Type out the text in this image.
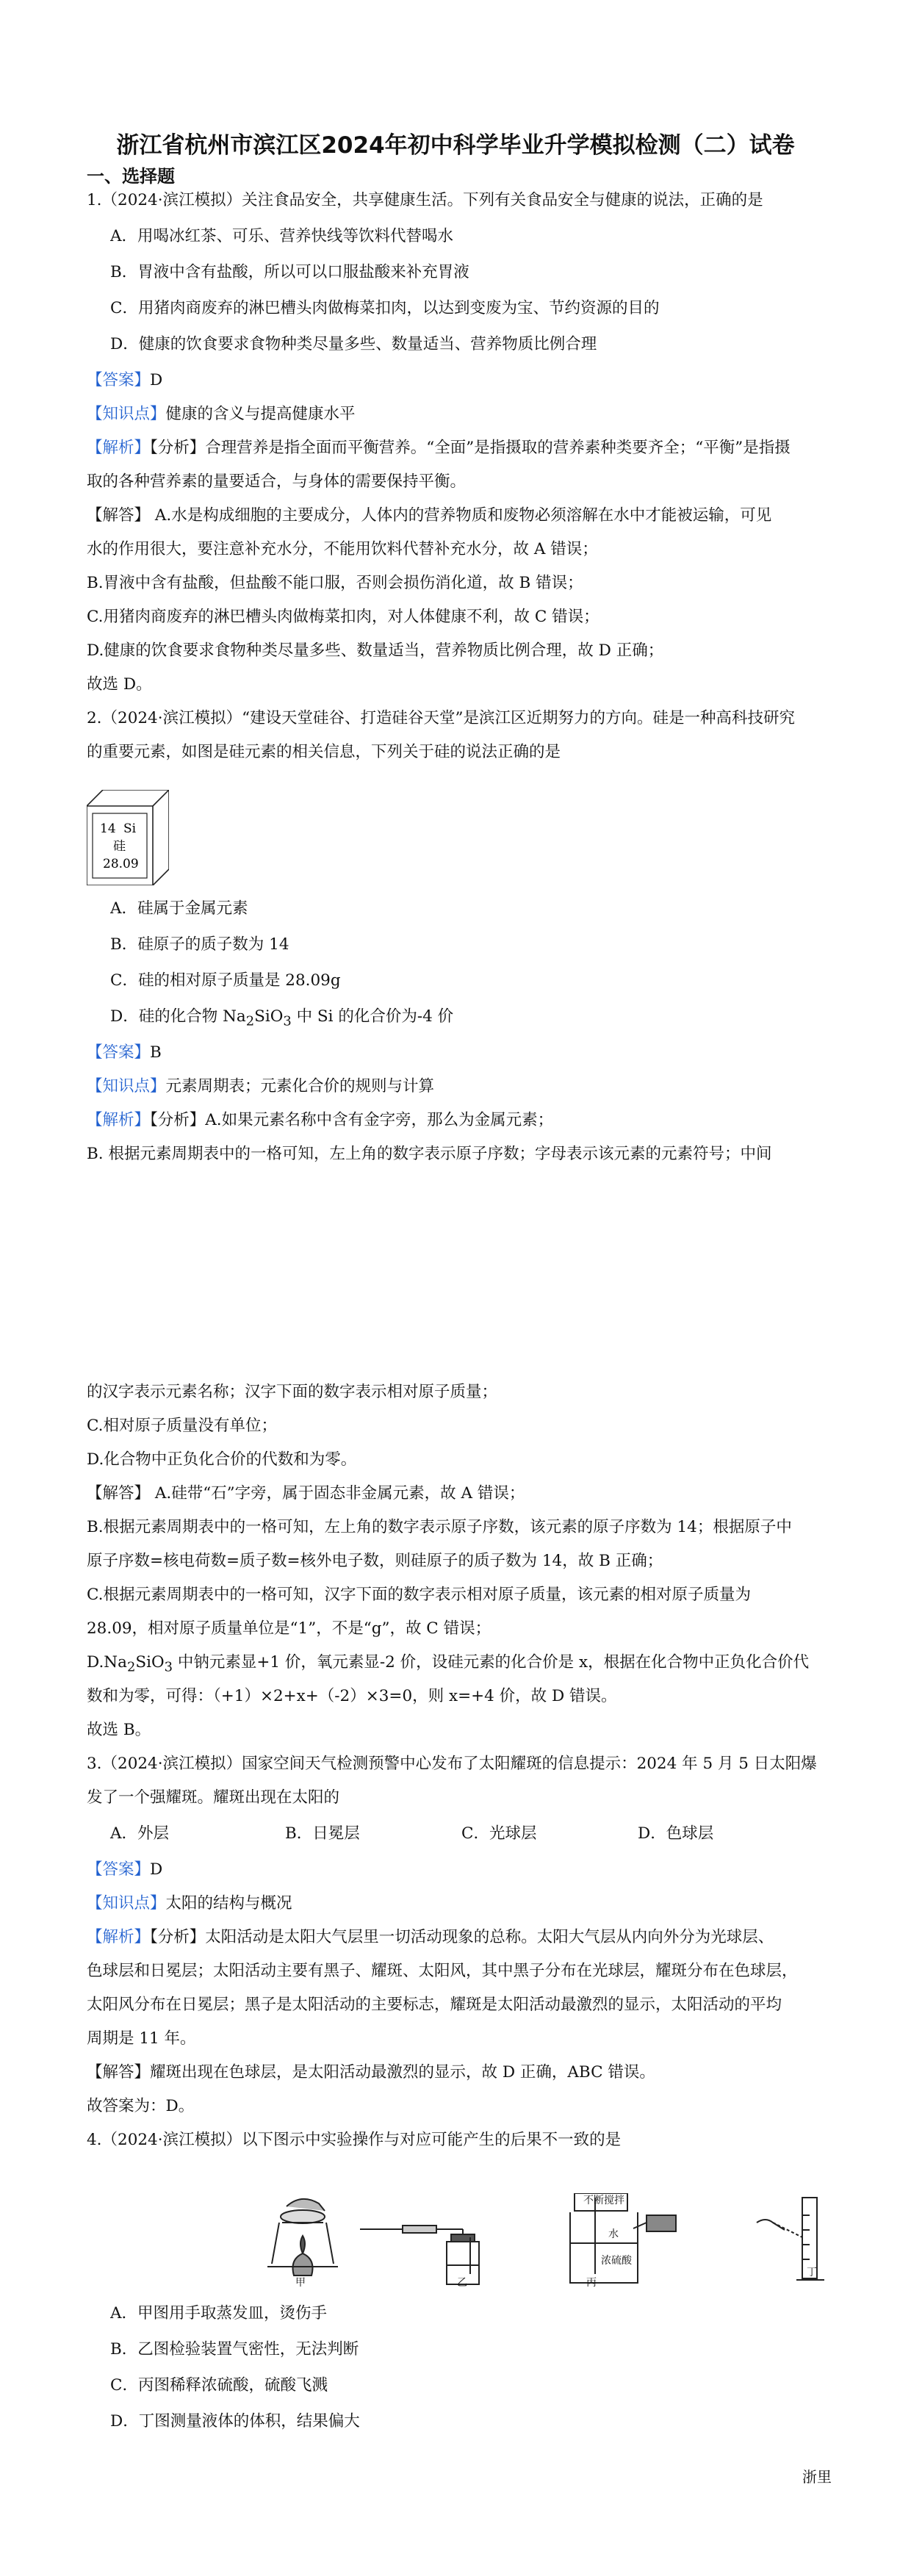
浙江省杭州市滨江区2024年初中科学毕业升学模拟检测（二）试卷
一、选择题
1.（2024·滨江模拟）关注食品安全，共享健康生活。下列有关食品安全与健康的说法，正确的是
A．用喝冰红茶、可乐、营养快线等饮料代替喝水
B．胃液中含有盐酸，所以可以口服盐酸来补充胃液
C．用猪肉商废弃的淋巴槽头肉做梅菜扣肉，以达到变废为宝、节约资源的目的
D．健康的饮食要求食物种类尽量多些、数量适当、营养物质比例合理
【答案】D
【知识点】健康的含义与提高健康水平
【解析】【分析】合理营养是指全面而平衡营养。“全面”是指摄取的营养素种类要齐全；“平衡”是指摄
取的各种营养素的量要适合，与身体的需要保持平衡。
【解答】 A.水是构成细胞的主要成分，人体内的营养物质和废物必须溶解在水中才能被运输，可见
水的作用很大，要注意补充水分，不能用饮料代替补充水分，故 A 错误；
B.胃液中含有盐酸，但盐酸不能口服，否则会损伤消化道，故 B 错误；
C.用猪肉商废弃的淋巴槽头肉做梅菜扣肉，对人体健康不利，故 C 错误；
D.健康的饮食要求食物种类尽量多些、数量适当，营养物质比例合理，故 D 正确；
故选 D。
2.（2024·滨江模拟）“建设天堂硅谷、打造硅谷天堂”是滨江区近期努力的方向。硅是一种高科技研究
的重要元素，如图是硅元素的相关信息，下列关于硅的说法正确的是
14 Si
硅
28.09
A．硅属于金属元素
B．硅原子的质子数为 14
C．硅的相对原子质量是 28.09g
D．硅的化合物 $Na_2SiO_3$ 中 Si 的化合价为-4 价
【答案】B
【知识点】元素周期表；元素化合价的规则与计算
【解析】【分析】A.如果元素名称中含有金字旁，那么为金属元素；
B. 根据元素周期表中的一格可知，左上角的数字表示原子序数；字母表示该元素的元素符号；中间
的汉字表示元素名称；汉字下面的数字表示相对原子质量；
C.相对原子质量没有单位；
D.化合物中正负化合价的代数和为零。
【解答】 A.硅带“石”字旁，属于固态非金属元素，故 A 错误；
B.根据元素周期表中的一格可知，左上角的数字表示原子序数，该元素的原子序数为 14；根据原子中
原子序数=核电荷数=质子数=核外电子数，则硅原子的质子数为 14，故 B 正确；
C.根据元素周期表中的一格可知，汉字下面的数字表示相对原子质量，该元素的相对原子质量为
28.09，相对原子质量单位是“1”，不是“g”，故 C 错误；
$D.Na_2SiO_3$ 中钠元素显+1 价，氧元素显-2 价，设硅元素的化合价是 x，根据在化合物中正负化合价代
数和为零，可得：（+1）×2+x+（-2）×3=0，则 x=+4 价，故 D 错误。
故选 B。
3.（2024·滨江模拟）国家空间天气检测预警中心发布了太阳耀斑的信息提示：2024 年 5 月 5 日太阳爆
发了一个强耀斑。耀斑出现在太阳的
A．外层	B．日冕层	C．光球层	D．色球层
【答案】D
【知识点】太阳的结构与概况
【解析】【分析】太阳活动是太阳大气层里一切活动现象的总称。太阳大气层从内向外分为光球层、
色球层和日冕层；太阳活动主要有黑子、耀斑、太阳风，其中黑子分布在光球层，耀斑分布在色球层，
太阳风分布在日冕层；黑子是太阳活动的主要标志，耀斑是太阳活动最激烈的显示，太阳活动的平均
周期是 11 年。
【解答】耀斑出现在色球层，是太阳活动最激烈的显示，故 D 正确，ABC 错误。
故答案为：D。
4.（2024·滨江模拟）以下图示中实验操作与对应可能产生的后果不一致的是
不断搅拌
水
浓硫酸
甲	乙	丙
丁
A．甲图用手取蒸发皿，烫伤手
B．乙图检验装置气密性，无法判断
C．丙图稀释浓硫酸，硫酸飞溅
D．丁图测量液体的体积，结果偏大
浙里
